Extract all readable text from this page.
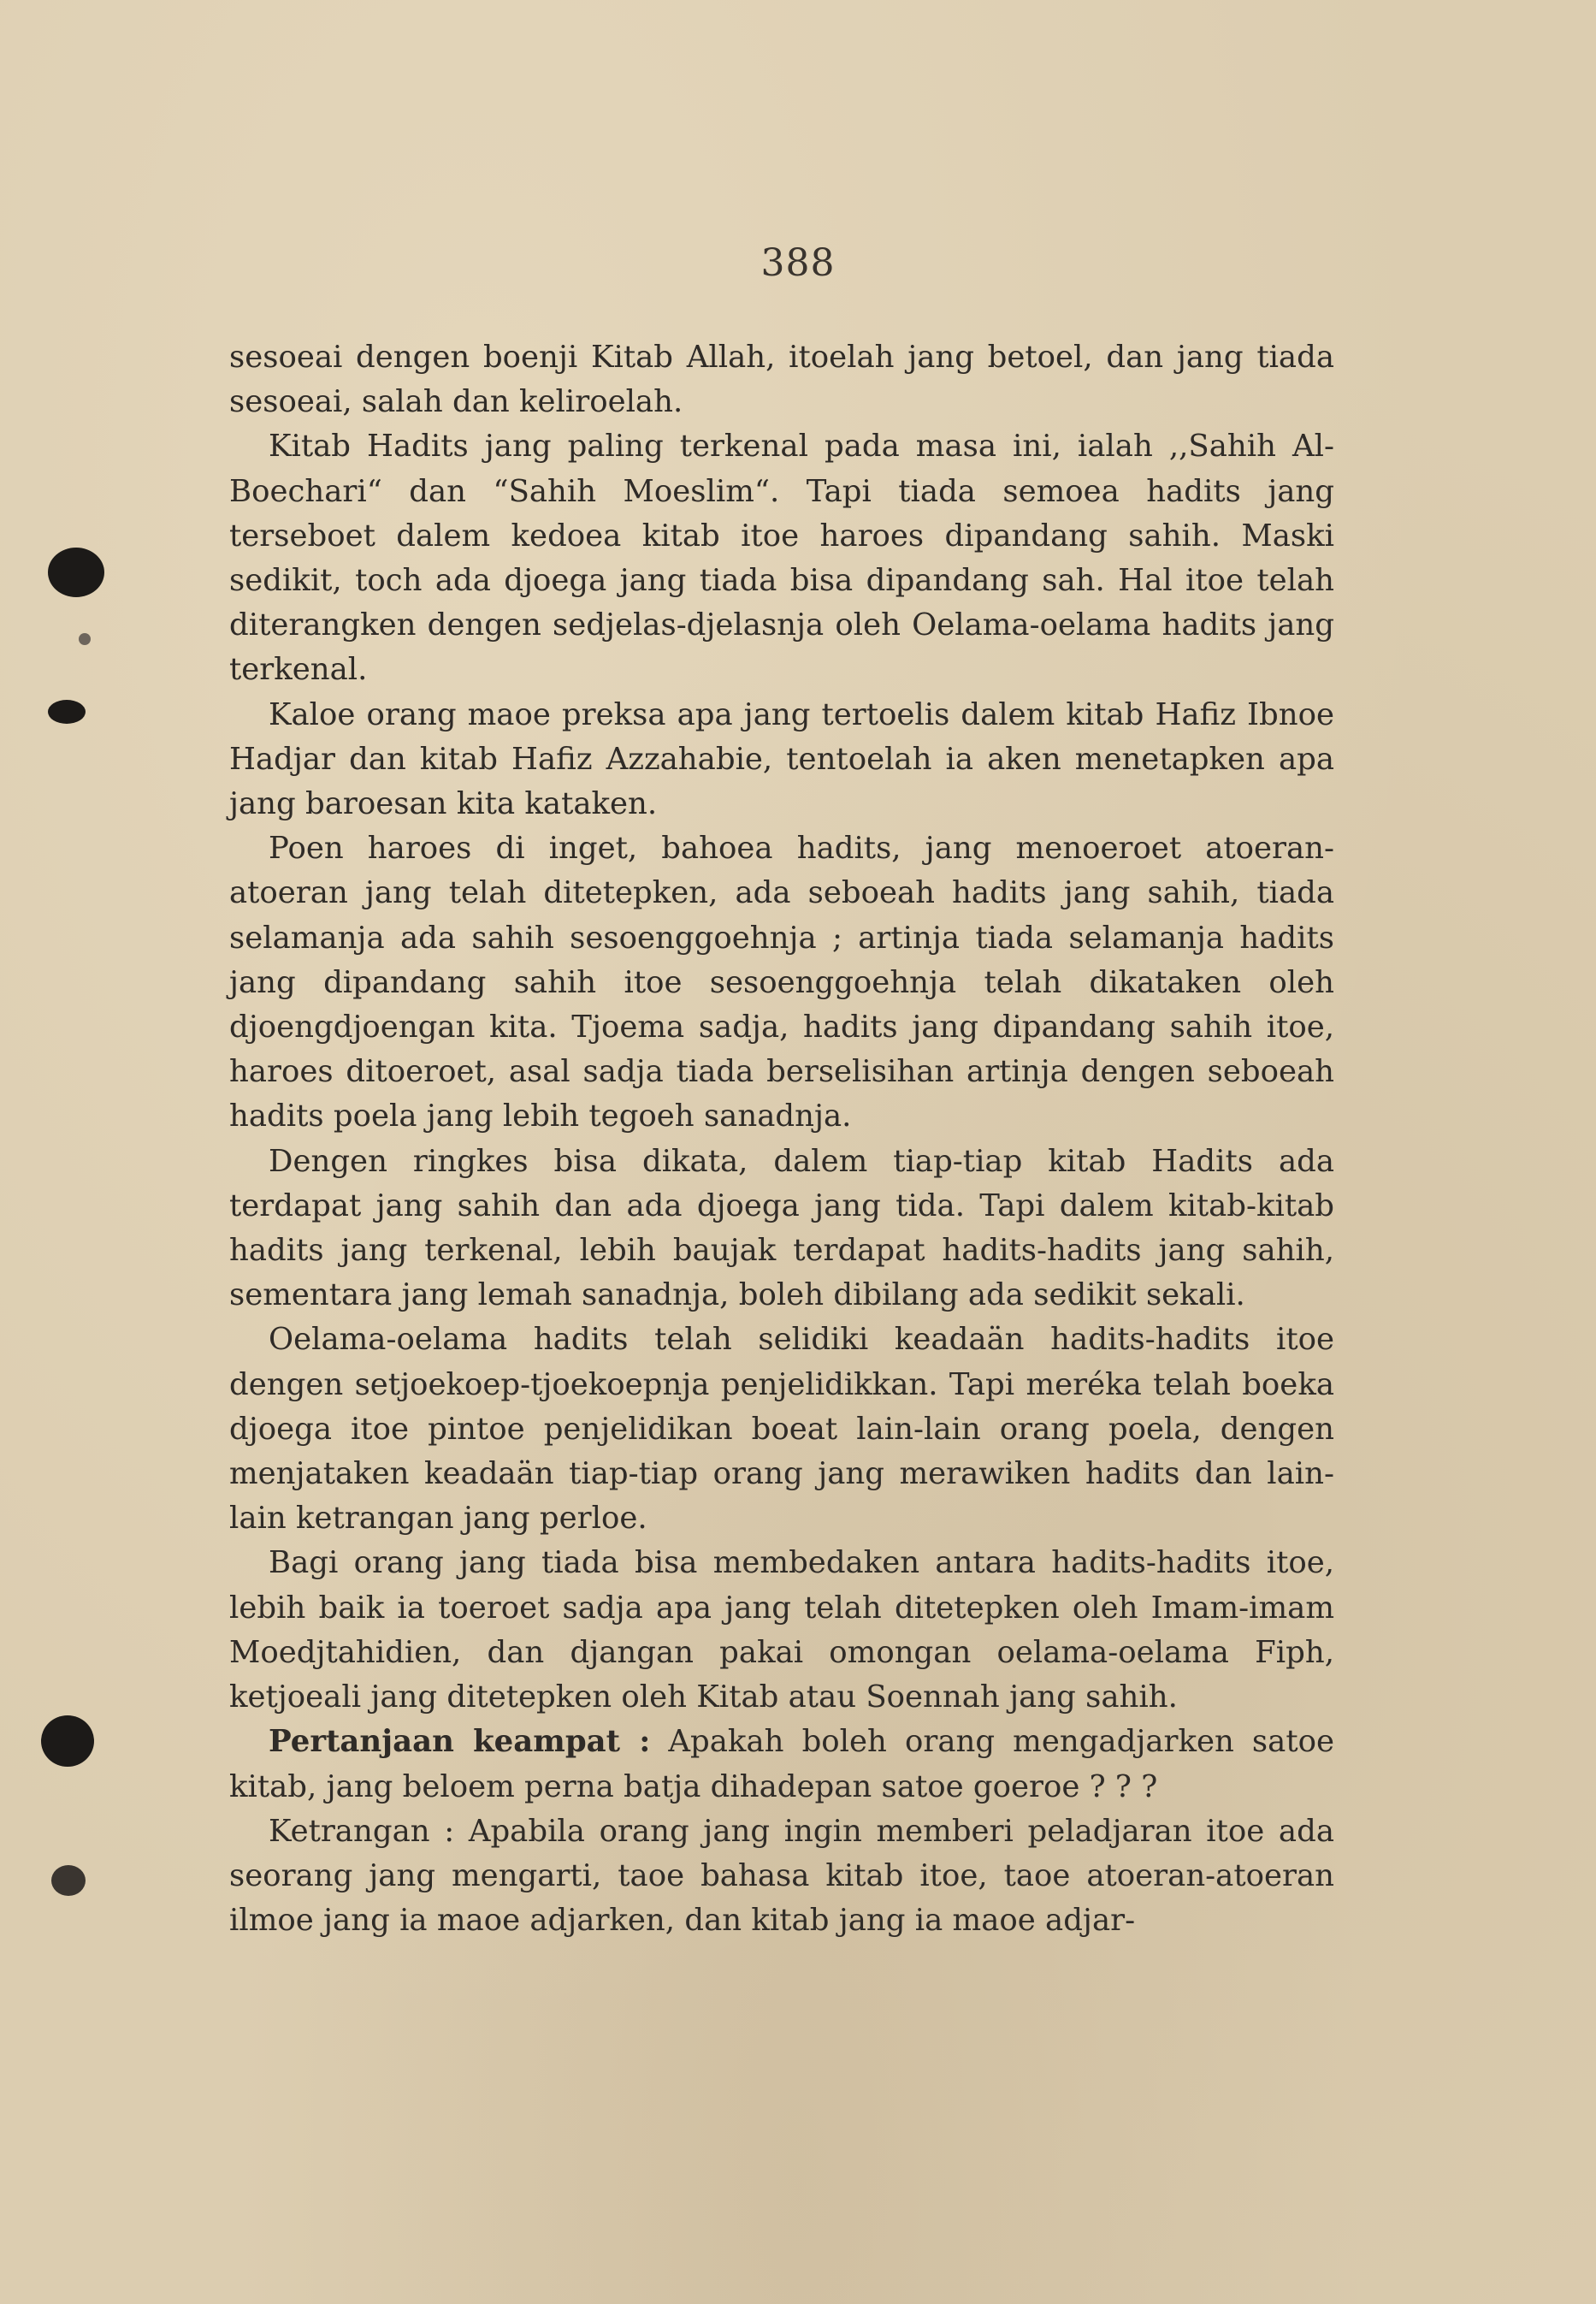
388

sesoeai dengen boenji Kitab Allah, itoelah jang betoel, dan jang tiada sesoeai, salah dan keliroelah.

Kitab Hadits jang paling terkenal pada masa ini, ialah ,,Sahih Al-Boechari“ dan “Sahih Moeslim“. Tapi tiada semoea hadits jang terseboet dalem kedoea kitab itoe haroes dipandang sahih. Maski sedikit, toch ada djoega jang tiada bisa dipandang sah. Hal itoe telah diterangken dengen sedjelas-djelasnja oleh Oelama-oelama hadits jang terkenal.

Kaloe orang maoe preksa apa jang tertoelis dalem kitab Hafiz Ibnoe Hadjar dan kitab Hafiz Azzahabie, tentoelah ia aken menetapken apa jang baroesan kita kataken.

Poen haroes di inget, bahoea hadits, jang menoeroet atoeran-atoeran jang telah ditetepken, ada seboeah hadits jang sahih, tiada selamanja ada sahih sesoenggoehnja ; artinja tiada selamanja hadits jang dipandang sahih itoe sesoenggoehnja telah dikataken oleh djoengdjoengan kita. Tjoema sadja, hadits jang dipandang sahih itoe, haroes ditoeroet, asal sadja tiada berselisihan artinja dengen seboeah hadits poela jang lebih tegoeh sanadnja.

Dengen ringkes bisa dikata, dalem tiap-tiap kitab Hadits ada terdapat jang sahih dan ada djoega jang tida. Tapi dalem kitab-kitab hadits jang terkenal, lebih baujak terdapat hadits-hadits jang sahih, sementara jang lemah sanadnja, boleh dibilang ada sedikit sekali.

Oelama-oelama hadits telah selidiki keadaän hadits-hadits itoe dengen setjoekoep-tjoekoepnja penjelidikkan. Tapi meréka telah boeka djoega itoe pintoe penjelidikan boeat lain-lain orang poela, dengen menjataken keadaän tiap-tiap orang jang merawiken hadits dan lain-lain ketrangan jang perloe.

Bagi orang jang tiada bisa membedaken antara hadits-hadits itoe, lebih baik ia toeroet sadja apa jang telah ditetepken oleh Imam-imam Moedjtahidien, dan djangan pakai omongan oelama-oelama Fiph, ketjoeali jang ditetepken oleh Kitab atau Soennah jang sahih.

Pertanjaan keampat : Apakah boleh orang mengadjarken satoe kitab, jang beloem perna batja dihadepan satoe goeroe ? ? ?

Ketrangan : Apabila orang jang ingin memberi peladjaran itoe ada seorang jang mengarti, taoe bahasa kitab itoe, taoe atoeran-atoeran ilmoe jang ia maoe adjarken, dan kitab jang ia maoe adjar-
